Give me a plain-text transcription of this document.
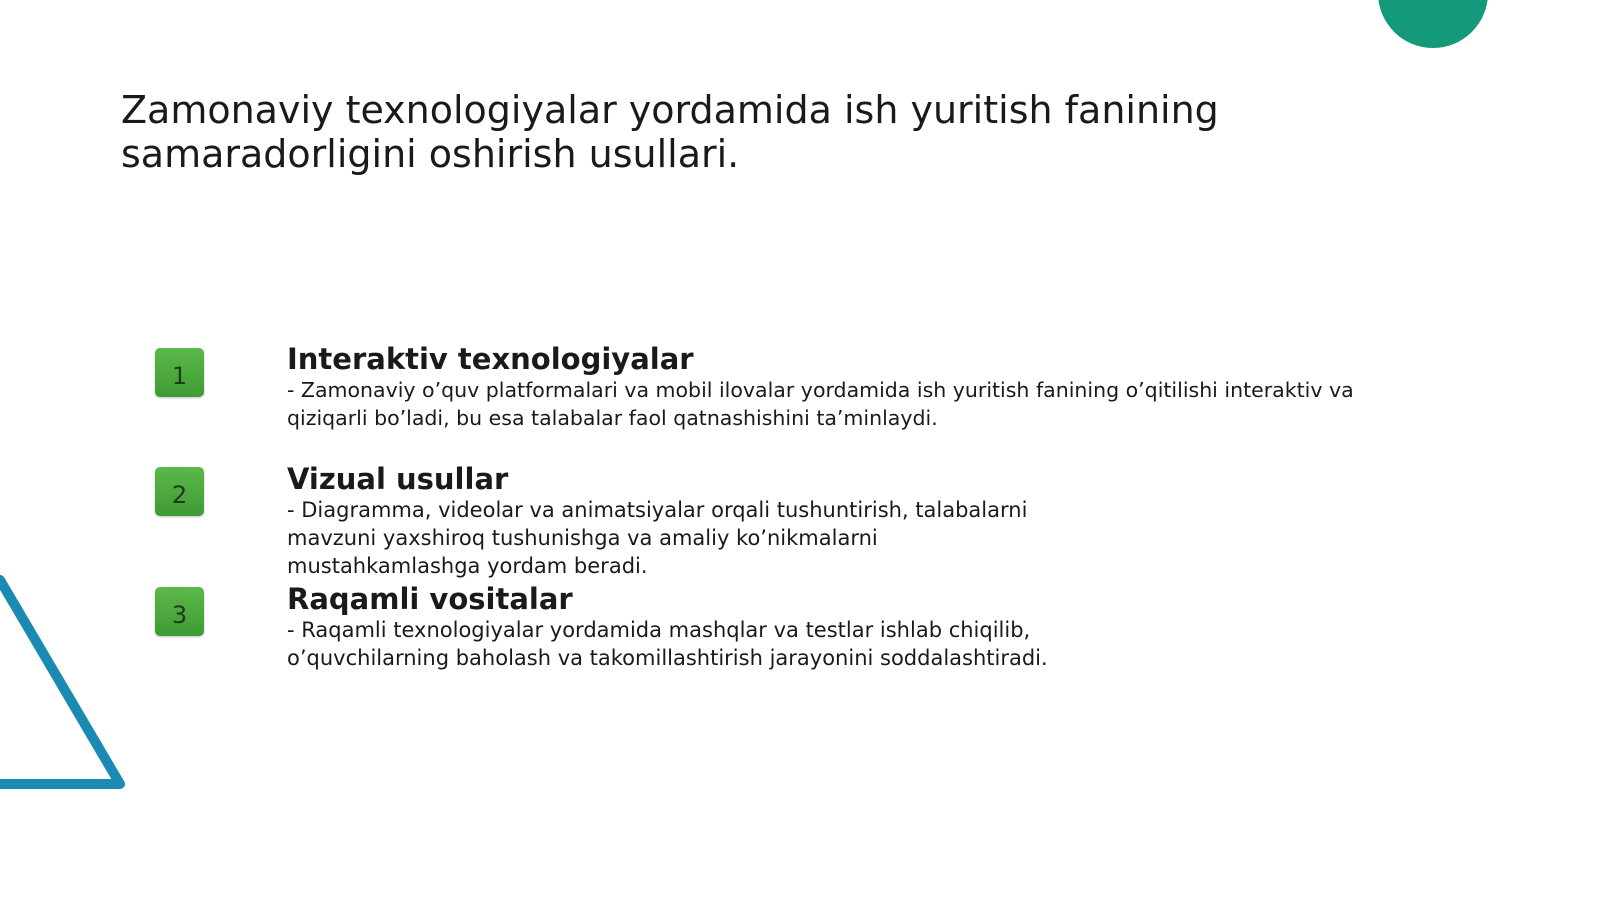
Zamonaviy texnologiyalar yordamida ish yuritish fanining samaradorligini oshirish usullari.
1	Interaktiv texnologiyalar
- Zamonaviy o’quv platformalari va mobil ilovalar yordamida ish yuritish fanining o’qitilishi interaktiv va
qiziqarli bo’ladi, bu esa talabalar faol qatnashishini ta’minlaydi.
2	Vizual usullar
- Diagramma, videolar va animatsiyalar orqali tushuntirish, talabalarni
mavzuni yaxshiroq tushunishga va amaliy ko’nikmalarni
mustahkamlashga yordam beradi.
3	Raqamli vositalar
- Raqamli texnologiyalar yordamida mashqlar va testlar ishlab chiqilib,
o’quvchilarning baholash va takomillashtirish jarayonini soddalashtiradi.
